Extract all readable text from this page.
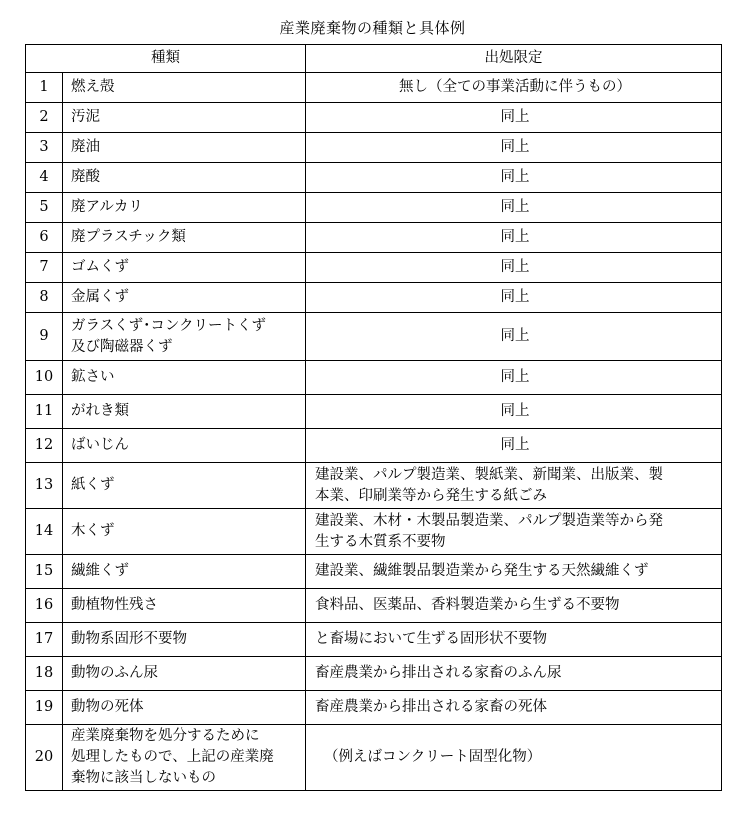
産業廃棄物の種類と具体例
種類		出処限定
1	燃え殻	無し（全ての事業活動に伴うもの）

2	汚泥	同上

3	廃油	同上

4	廃酸	同上

5	廃アルカリ	同上

6	廃プラスチック類	同上

7	ゴムくず	同上

8	金属くず	同上

9	ガラスくず･コンクリートくず
及び陶磁器くず	同上

10	鉱さい	同上

11	がれき類	同上

12	ばいじん	同上

13	紙くず	建設業、パルプ製造業、製紙業、新聞業、出版業、製
本業、印刷業等から発生する紙ごみ

14	木くず	建設業、木材・木製品製造業、パルプ製造業等から発
生する木質系不要物

15	繊維くず	建設業、繊維製品製造業から発生する天然繊維くず

16	動植物性残さ	食料品、医薬品、香料製造業から生ずる不要物

17	動物系固形不要物	と畜場において生ずる固形状不要物

18	動物のふん尿	畜産農業から排出される家畜のふん尿

19	動物の死体	畜産農業から排出される家畜の死体

20	産業廃棄物を処分するために
処理したもので、上記の産業廃
棄物に該当しないもの	（例えばコンクリート固型化物）
